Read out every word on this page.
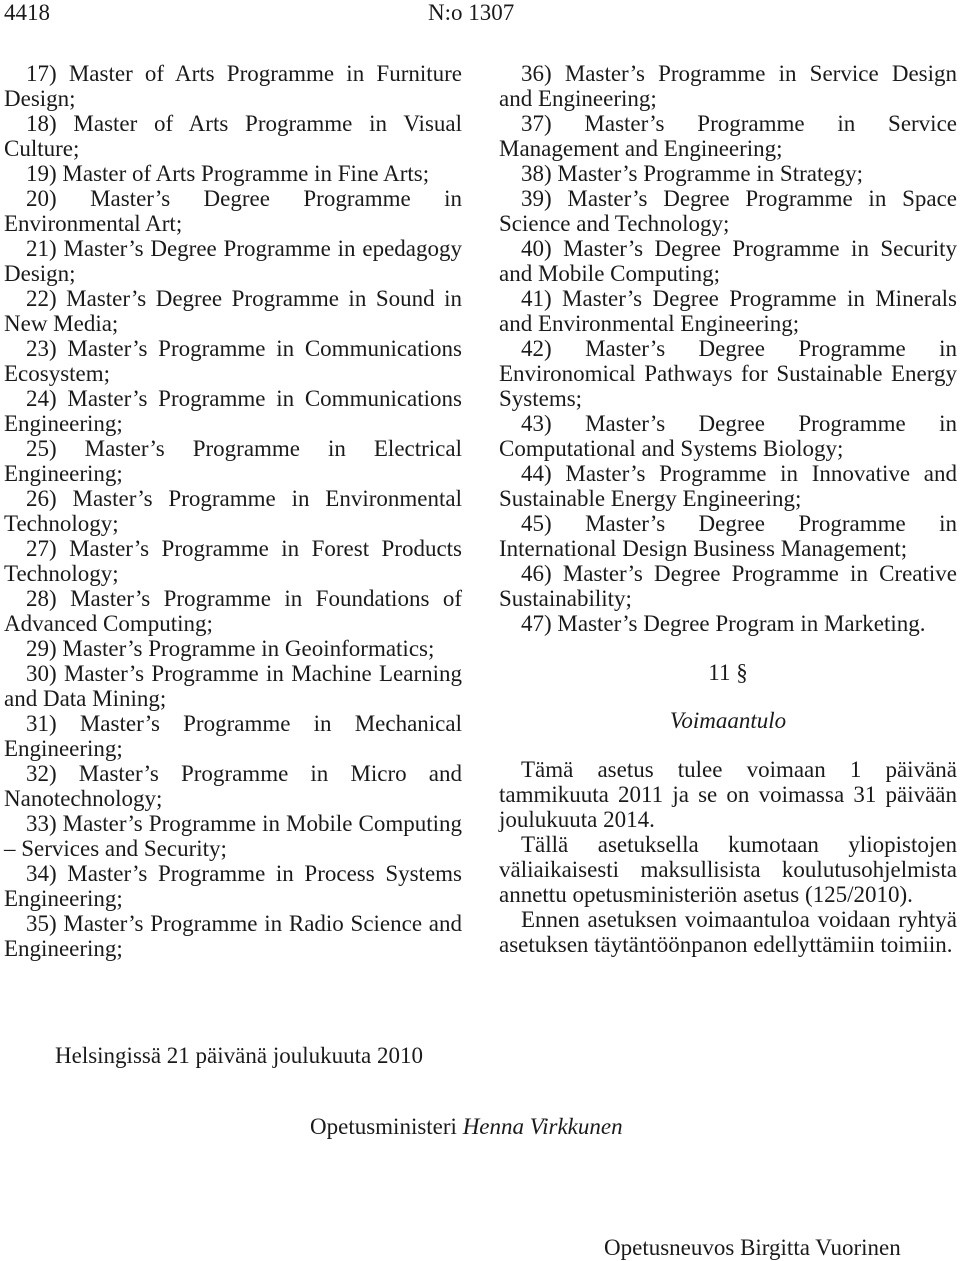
4418	N:o 1307
17) Master of Arts Programme in Furniture Design;
18) Master of Arts Programme in Visual Culture;
19) Master of Arts Programme in Fine Arts;
20) Master’s Degree Programme in Environmental Art;
21) Master’s Degree Programme in epedagogy Design;
22) Master’s Degree Programme in Sound in New Media;
23) Master’s Programme in Communications Ecosystem;
24) Master’s Programme in Communications Engineering;
25) Master’s Programme in Electrical Engineering;
26) Master’s Programme in Environmental Technology;
27) Master’s Programme in Forest Products Technology;
28) Master’s Programme in Foundations of Advanced Computing;
29) Master’s Programme in Geoinformatics;
30) Master’s Programme in Machine Learning and Data Mining;
31) Master’s Programme in Mechanical Engineering;
32) Master’s Programme in Micro and Nanotechnology;
33) Master’s Programme in Mobile Computing – Services and Security;
34) Master’s Programme in Process Systems Engineering;
35) Master’s Programme in Radio Science and Engineering;
36) Master’s Programme in Service Design and Engineering;
37) Master’s Programme in Service Management and Engineering;
38) Master’s Programme in Strategy;
39) Master’s Degree Programme in Space Science and Technology;
40) Master’s Degree Programme in Security and Mobile Computing;
41) Master’s Degree Programme in Minerals and Environmental Engineering;
42) Master’s Degree Programme in Environomical Pathways for Sustainable Energy Systems;
43) Master’s Degree Programme in Computational and Systems Biology;
44) Master’s Programme in Innovative and Sustainable Energy Engineering;
45) Master’s Degree Programme in International Design Business Management;
46) Master’s Degree Programme in Creative Sustainability;
47) Master’s Degree Program in Marketing.
11 §
Voimaantulo
Tämä asetus tulee voimaan 1 päivänä tammikuuta 2011 ja se on voimassa 31 päivään joulukuuta 2014.
Tällä asetuksella kumotaan yliopistojen väliaikaisesti maksullisista koulutusohjelmista annettu opetusministeriön asetus (125/2010).
Ennen asetuksen voimaantuloa voidaan ryhtyä asetuksen täytäntöönpanon edellyttämiin toimiin.
Helsingissä 21 päivänä joulukuuta 2010
Opetusministeri Henna Virkkunen
Opetusneuvos Birgitta Vuorinen
